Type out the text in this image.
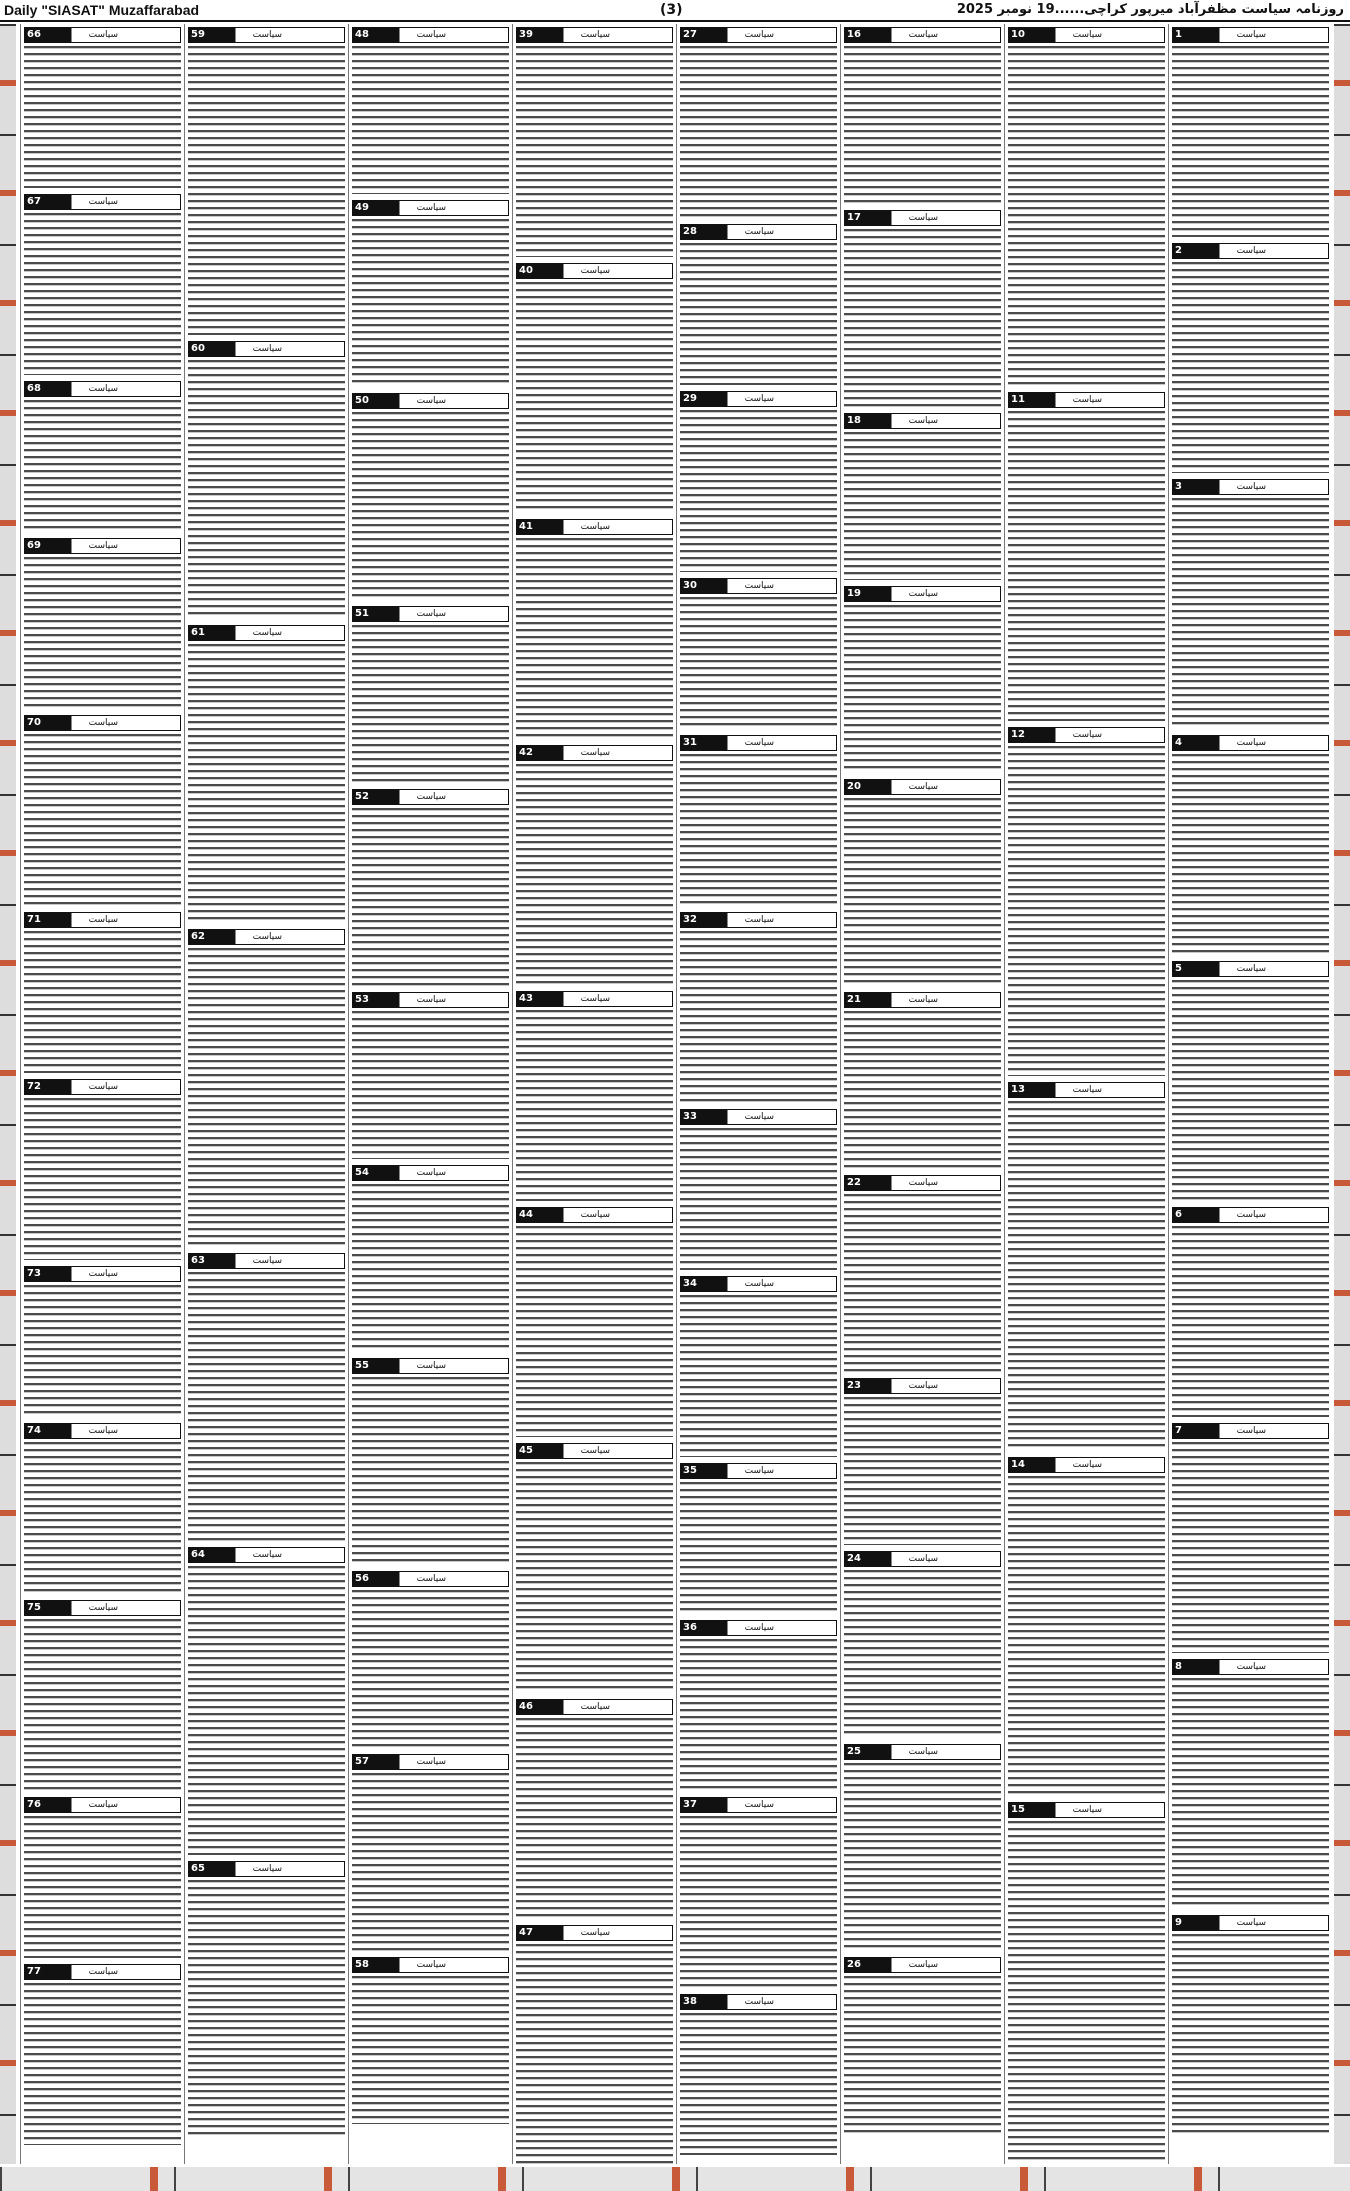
Daily "SIASAT" Muzaffarabad	(3)	روزنامہ سیاست مظفرآباد میرپور کراچی......19 نومبر 2025
سیاست
1
سیاست
2
سیاست
3
سیاست
4
سیاست
5
سیاست
6
سیاست
7
سیاست
8
سیاست
9
سیاست
10
سیاست
11
سیاست
12
سیاست
13
سیاست
14
سیاست
15
سیاست
16
سیاست
17
سیاست
18
سیاست
19
سیاست
20
سیاست
21
سیاست
22
سیاست
23
سیاست
24
سیاست
25
سیاست
26
سیاست
27
سیاست
28
سیاست
29
سیاست
30
سیاست
31
سیاست
32
سیاست
33
سیاست
34
سیاست
35
سیاست
36
سیاست
37
سیاست
38
سیاست
39
سیاست
40
سیاست
41
سیاست
42
سیاست
43
سیاست
44
سیاست
45
سیاست
46
سیاست
47
سیاست
48
سیاست
49
سیاست
50
سیاست
51
سیاست
52
سیاست
53
سیاست
54
سیاست
55
سیاست
56
سیاست
57
سیاست
58
سیاست
59
سیاست
60
سیاست
61
سیاست
62
سیاست
63
سیاست
64
سیاست
65
سیاست
66
سیاست
67
سیاست
68
سیاست
69
سیاست
70
سیاست
71
سیاست
72
سیاست
73
سیاست
74
سیاست
75
سیاست
76
سیاست
77
